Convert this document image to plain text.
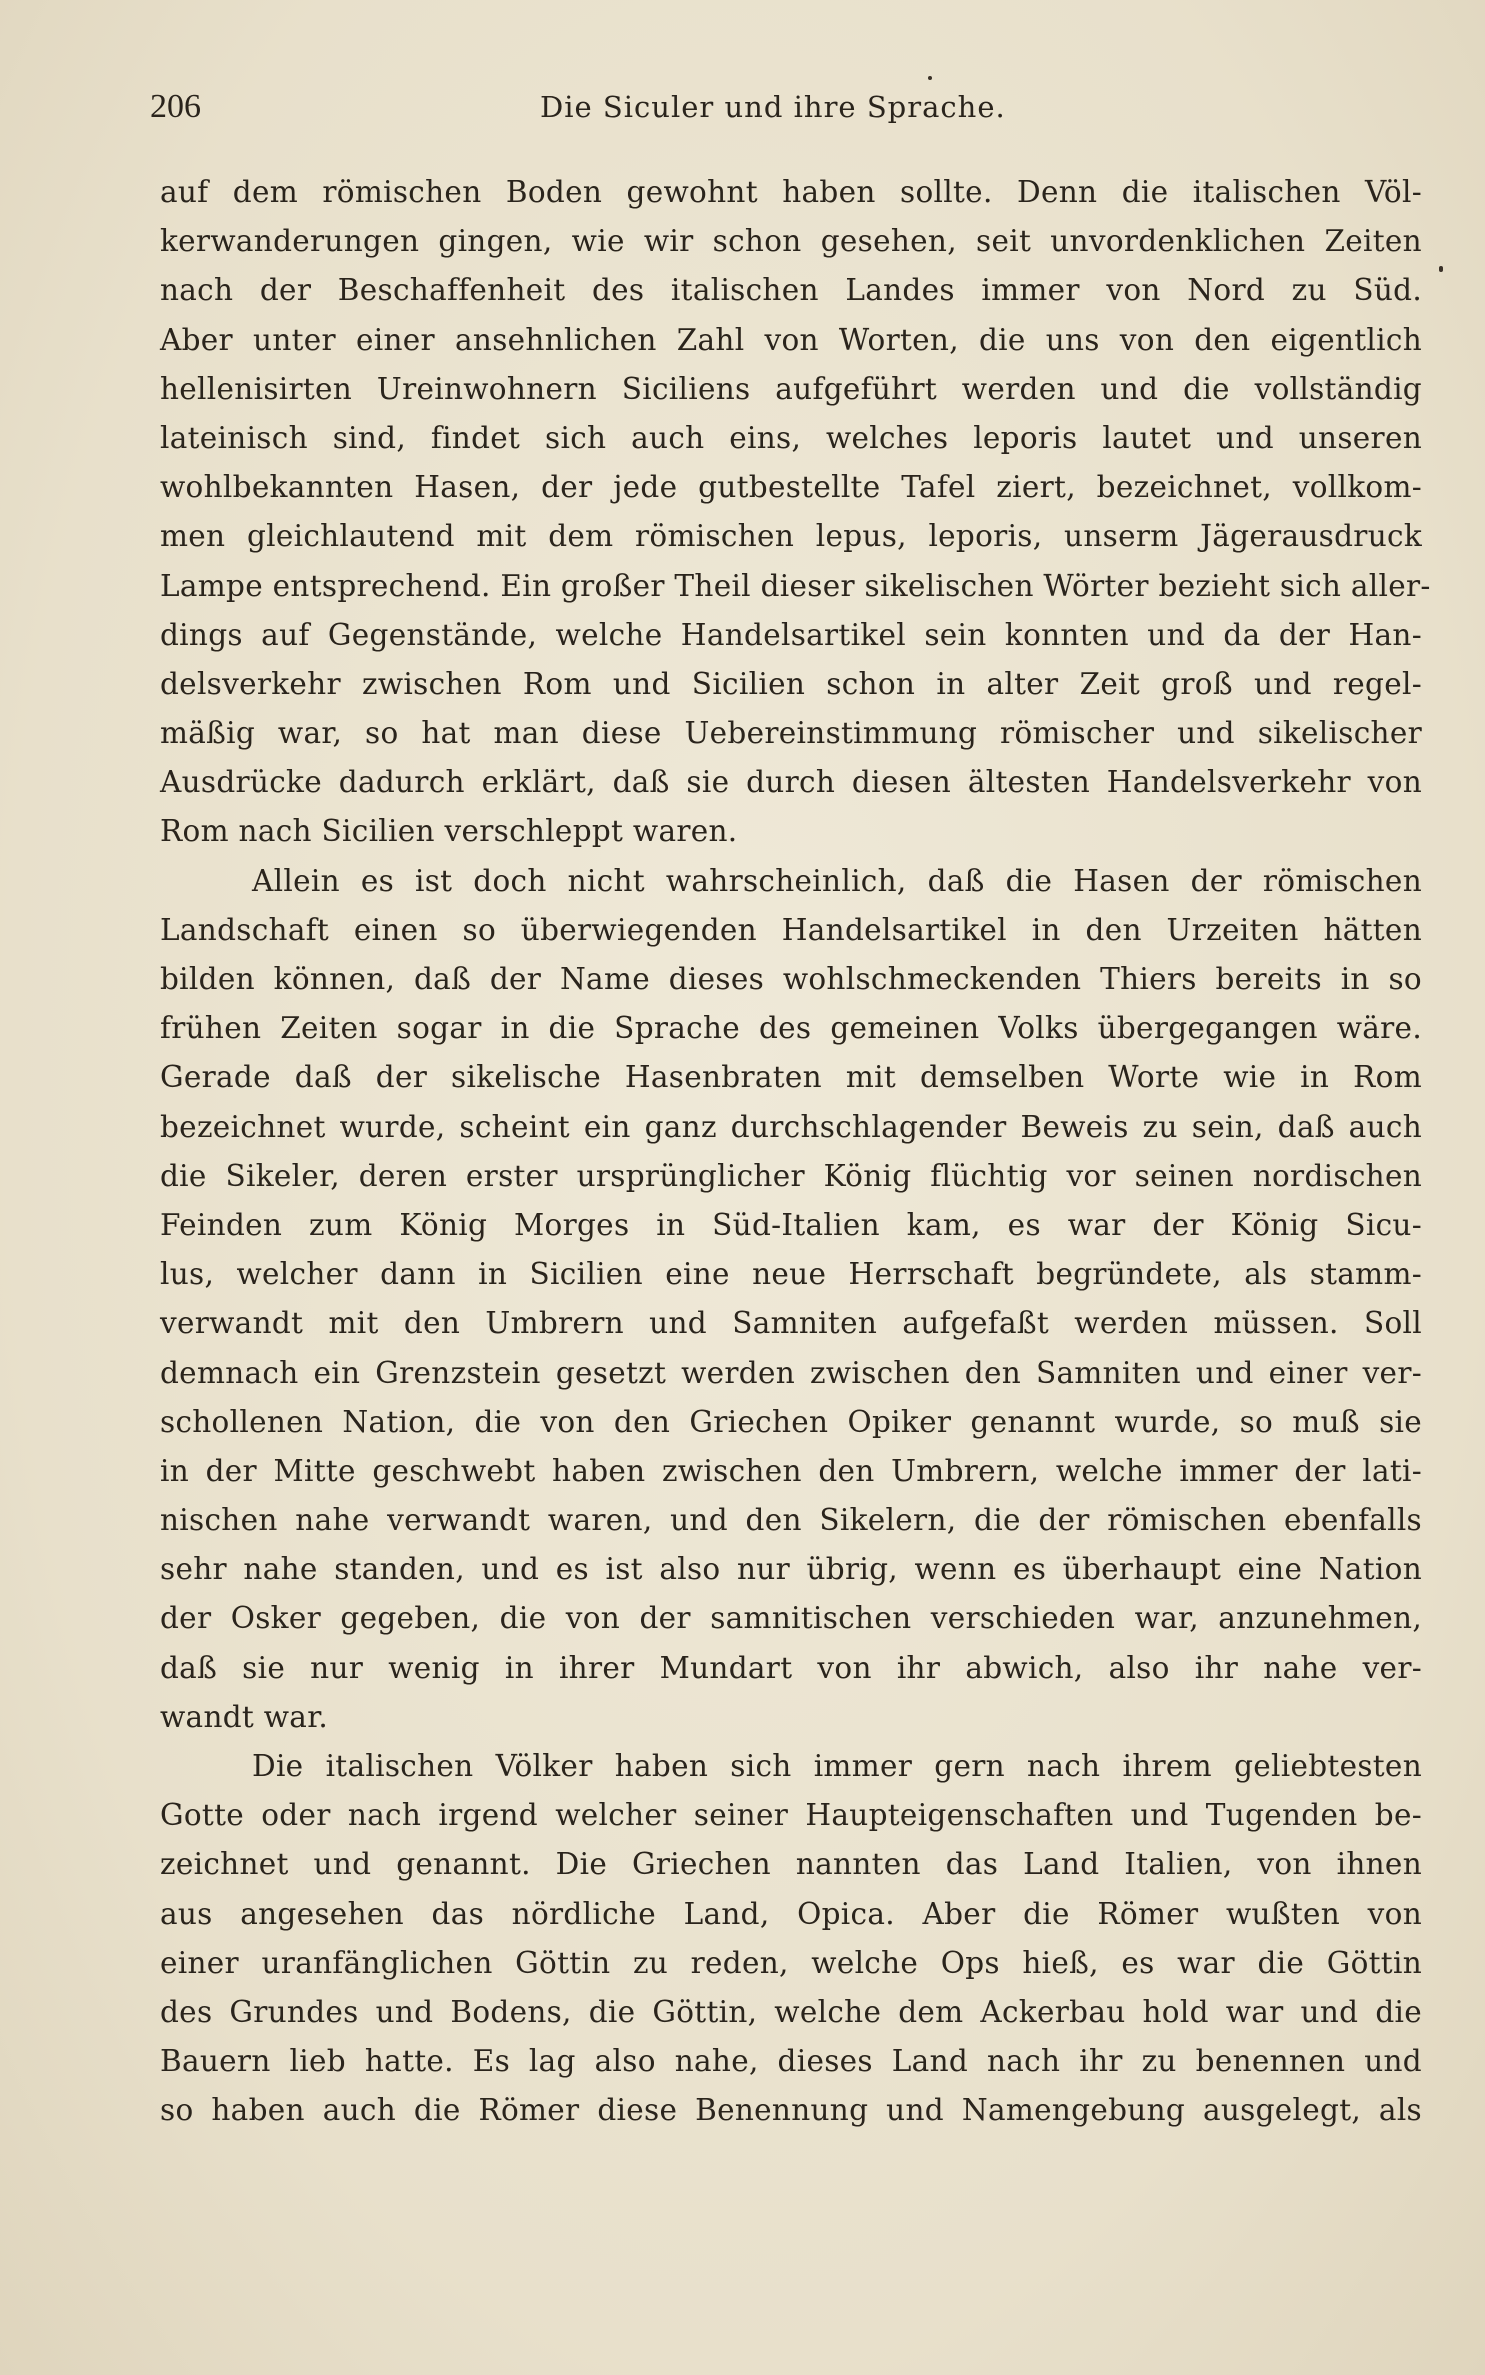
206	Die Siculer und ihre Sprache.
auf dem römischen Boden gewohnt haben sollte. Denn die italischen Völ-
kerwanderungen gingen, wie wir schon gesehen, seit unvordenklichen Zeiten
nach der Beschaffenheit des italischen Landes immer von Nord zu Süd.
Aber unter einer ansehnlichen Zahl von Worten, die uns von den eigentlich
hellenisirten Ureinwohnern Siciliens aufgeführt werden und die vollständig
lateinisch sind, findet sich auch eins, welches leporis lautet und unseren
wohlbekannten Hasen, der jede gutbestellte Tafel ziert, bezeichnet, vollkom-
men gleichlautend mit dem römischen lepus, leporis, unserm Jägerausdruck
Lampe entsprechend. Ein großer Theil dieser sikelischen Wörter bezieht sich aller-
dings auf Gegenstände, welche Handelsartikel sein konnten und da der Han-
delsverkehr zwischen Rom und Sicilien schon in alter Zeit groß und regel-
mäßig war, so hat man diese Uebereinstimmung römischer und sikelischer
Ausdrücke dadurch erklärt, daß sie durch diesen ältesten Handelsverkehr von
Rom nach Sicilien verschleppt waren.
Allein es ist doch nicht wahrscheinlich, daß die Hasen der römischen
Landschaft einen so überwiegenden Handelsartikel in den Urzeiten hätten
bilden können, daß der Name dieses wohlschmeckenden Thiers bereits in so
frühen Zeiten sogar in die Sprache des gemeinen Volks übergegangen wäre.
Gerade daß der sikelische Hasenbraten mit demselben Worte wie in Rom
bezeichnet wurde, scheint ein ganz durchschlagender Beweis zu sein, daß auch
die Sikeler, deren erster ursprünglicher König flüchtig vor seinen nordischen
Feinden zum König Morges in Süd-Italien kam, es war der König Sicu-
lus, welcher dann in Sicilien eine neue Herrschaft begründete, als stamm-
verwandt mit den Umbrern und Samniten aufgefaßt werden müssen. Soll
demnach ein Grenzstein gesetzt werden zwischen den Samniten und einer ver-
schollenen Nation, die von den Griechen Opiker genannt wurde, so muß sie
in der Mitte geschwebt haben zwischen den Umbrern, welche immer der lati-
nischen nahe verwandt waren, und den Sikelern, die der römischen ebenfalls
sehr nahe standen, und es ist also nur übrig, wenn es überhaupt eine Nation
der Osker gegeben, die von der samnitischen verschieden war, anzunehmen,
daß sie nur wenig in ihrer Mundart von ihr abwich, also ihr nahe ver-
wandt war.
Die italischen Völker haben sich immer gern nach ihrem geliebtesten
Gotte oder nach irgend welcher seiner Haupteigenschaften und Tugenden be-
zeichnet und genannt. Die Griechen nannten das Land Italien, von ihnen
aus angesehen das nördliche Land, Opica. Aber die Römer wußten von
einer uranfänglichen Göttin zu reden, welche Ops hieß, es war die Göttin
des Grundes und Bodens, die Göttin, welche dem Ackerbau hold war und die
Bauern lieb hatte. Es lag also nahe, dieses Land nach ihr zu benennen und
so haben auch die Römer diese Benennung und Namengebung ausgelegt, als
